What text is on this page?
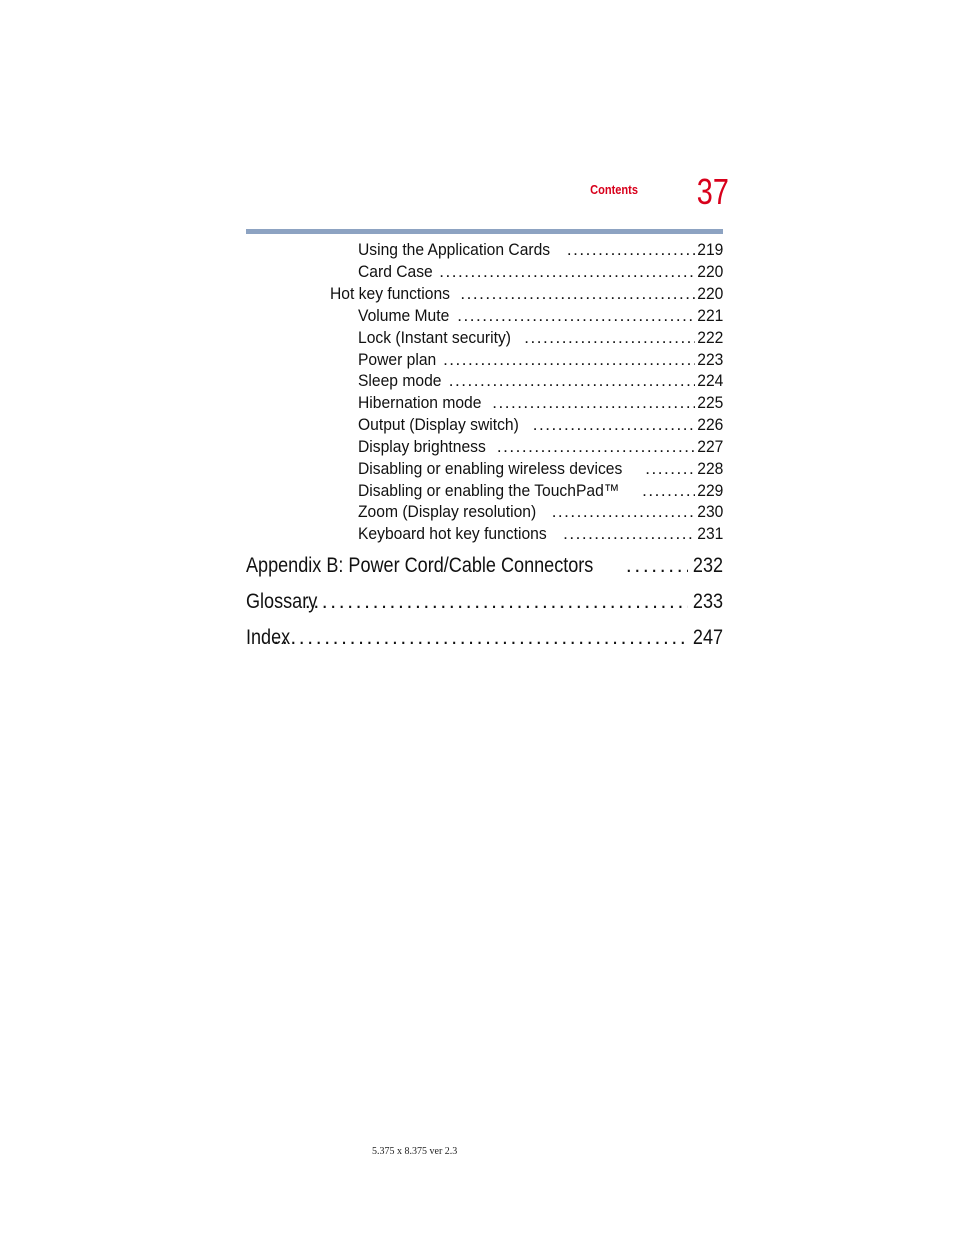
Contents 37
Using the Application Cards . . .	219
Card Case . . .	220
Hot key functions . . .	220
Volume Mute . . .	221
Lock (Instant security) . . .	222
Power plan . . .	223
Sleep mode . . .	224
Hibernation mode . . .	225
Output (Display switch) . . .	226
Display brightness . . .	227
Disabling or enabling wireless devices . . .	228
Disabling or enabling the TouchPad™ . . .	229
Zoom (Display resolution) . . .	230
Keyboard hot key functions . . .	231
Appendix B: Power Cord/Cable Connectors . . .	232
Glossary . . .	233
Index . . .	247
5.375 x 8.375 ver 2.3
